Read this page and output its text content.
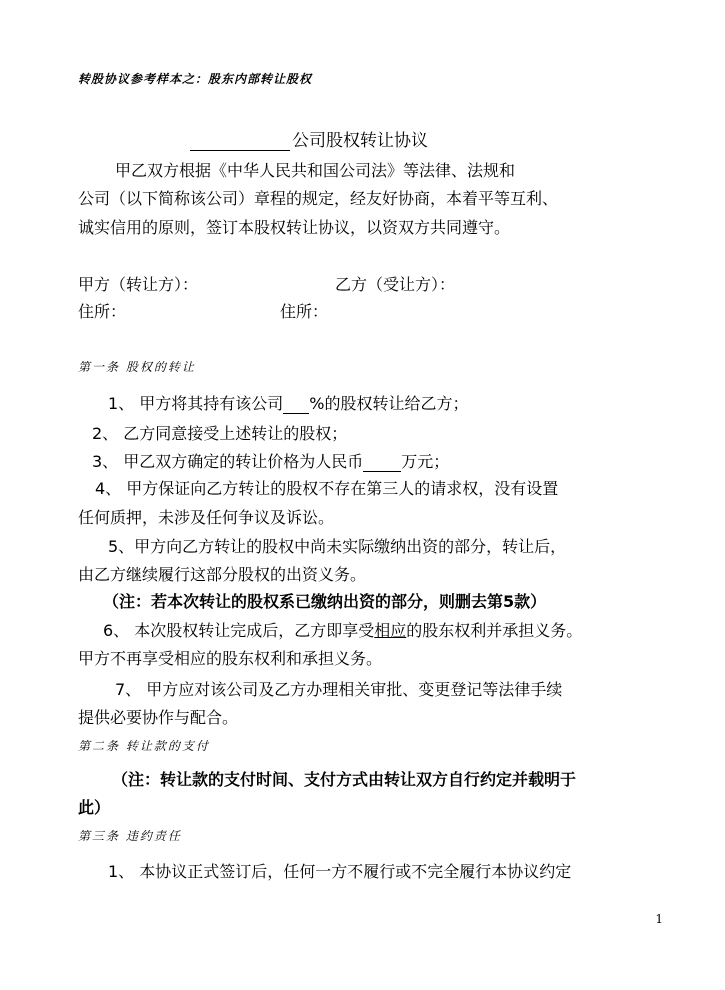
转股协议参考样本之：股东内部转让股权
公司股权转让协议
甲乙双方根据《中华人民共和国公司法》等法律、法规和
公司（以下简称该公司）章程的规定，经友好协商，本着平等互利、
诚实信用的原则，签订本股权转让协议，以资双方共同遵守。
甲方（转让方）：	乙方（受让方）：
住所：	住所：
第一条 股权的转让
1、 甲方将其持有该公司 %的股权转让给乙方；
2、 乙方同意接受上述转让的股权；
3、 甲乙双方确定的转让价格为人民币 万元；
4、 甲方保证向乙方转让的股权不存在第三人的请求权，没有设置
任何质押，未涉及任何争议及诉讼。
5、甲方向乙方转让的股权中尚未实际缴纳出资的部分，转让后，
由乙方继续履行这部分股权的出资义务。
（注：若本次转让的股权系已缴纳出资的部分，则删去第5款）
6、 本次股权转让完成后，乙方即享受相应的股东权利并承担义务。
甲方不再享受相应的股东权利和承担义务。
7、 甲方应对该公司及乙方办理相关审批、变更登记等法律手续
提供必要协作与配合。
第二条 转让款的支付
（注：转让款的支付时间、支付方式由转让双方自行约定并载明于
此）
第三条 违约责任
1、 本协议正式签订后，任何一方不履行或不完全履行本协议约定
1
